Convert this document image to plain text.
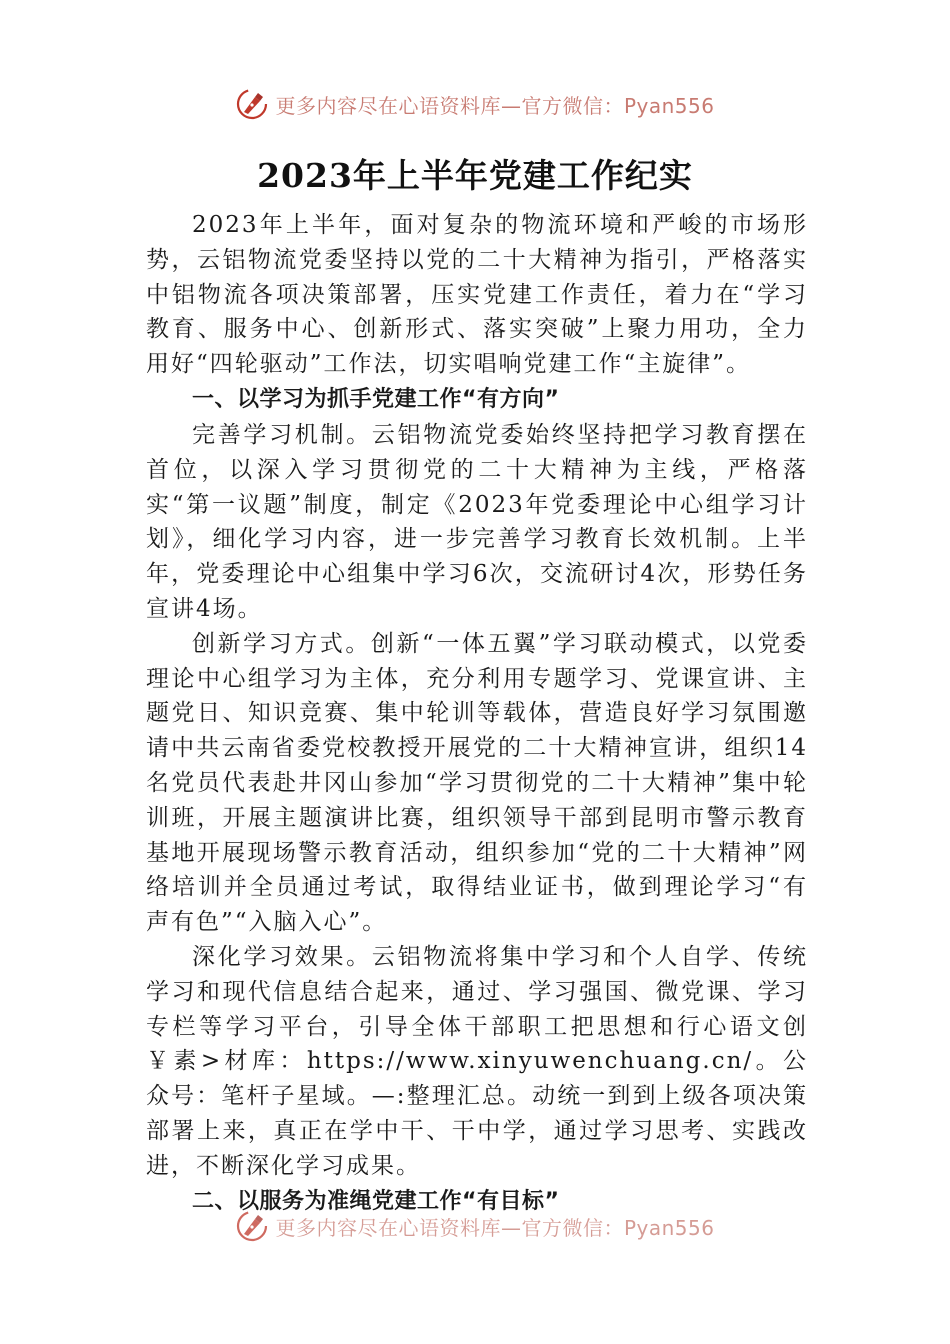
更多内容尽在心语资料库—官方微信：Pyan556
2023年上半年党建工作纪实

2023年上半年，面对复杂的物流环境和严峻的市场形势，云铝物流党委坚持以党的二十大精神为指引，严格落实中铝物流各项决策部署，压实党建工作责任，着力在“学习教育、服务中心、创新形式、落实突破”上聚力用功，全力用好“四轮驱动”工作法，切实唱响党建工作“主旋律”。

一、以学习为抓手党建工作“有方向”

完善学习机制。云铝物流党委始终坚持把学习教育摆在首位，以深入学习贯彻党的二十大精神为主线，严格落实“第一议题”制度，制定《2023年党委理论中心组学习计划》，细化学习内容，进一步完善学习教育长效机制。上半年，党委理论中心组集中学习6次，交流研讨4次，形势任务宣讲4场。

创新学习方式。创新“一体五翼”学习联动模式，以党委理论中心组学习为主体，充分利用专题学习、党课宣讲、主题党日、知识竞赛、集中轮训等载体，营造良好学习氛围邀请中共云南省委党校教授开展党的二十大精神宣讲，组织14名党员代表赴井冈山参加“学习贯彻党的二十大精神”集中轮训班，开展主题演讲比赛，组织领导干部到昆明市警示教育基地开展现场警示教育活动，组织参加“党的二十大精神”网络培训并全员通过考试，取得结业证书，做到理论学习“有声有色”“入脑入心”。

深化学习效果。云铝物流将集中学习和个人自学、传统学习和现代信息结合起来，通过、学习强国、微党课、学习专栏等学习平台，引导全体干部职工把思想和行心语文创￥素>材库：https://www.xinyuwenchuang.cn/。公众号：笔杆子星域。—:整理汇总。动统一到到上级各项决策部署上来，真正在学中干、干中学，通过学习思考、实践改进，不断深化学习成果。

二、以服务为准绳党建工作“有目标”
更多内容尽在心语资料库—官方微信：Pyan556
